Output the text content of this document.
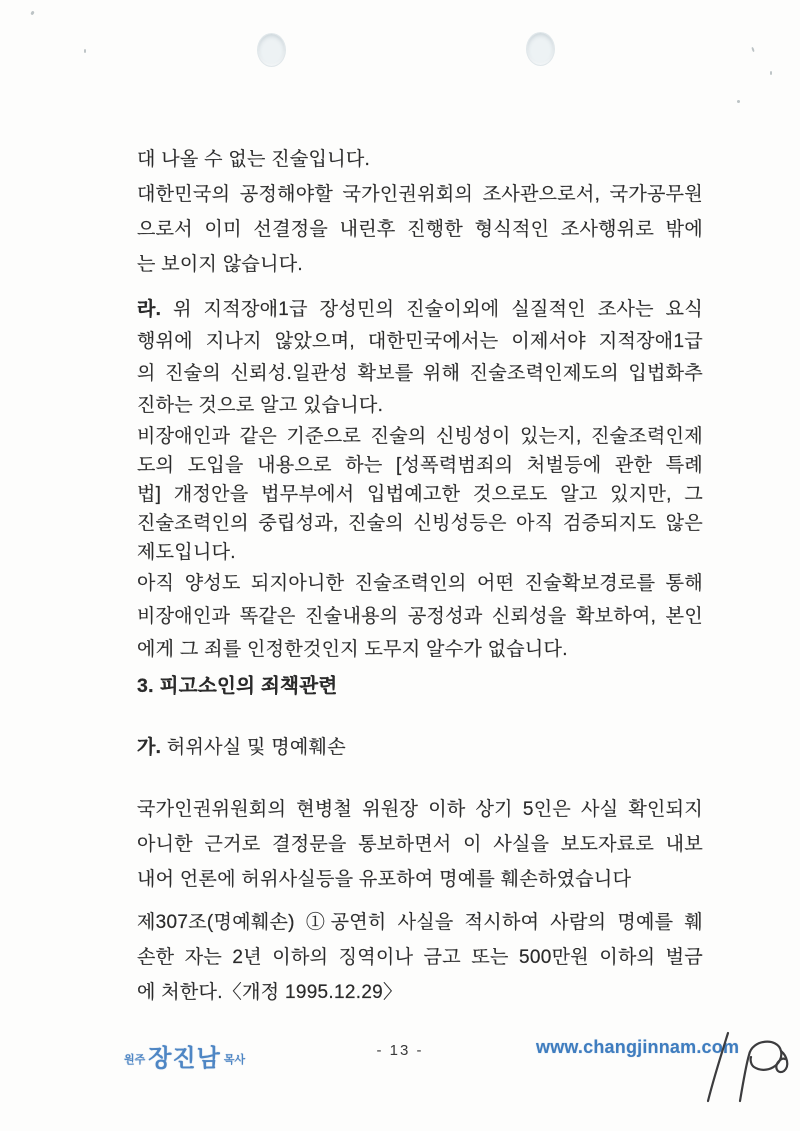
대 나올 수 없는 진술입니다.
대한민국의 공정해야할 국가인권위회의 조사관으로서, 국가공무원
으로서 이미 선결정을 내린후 진행한 형식적인 조사행위로 밖에
는 보이지 않습니다.
라. 위 지적장애1급 장성민의 진술이외에 실질적인 조사는 요식
행위에 지나지 않았으며, 대한민국에서는 이제서야 지적장애1급
의 진술의 신뢰성.일관성 확보를 위해 진술조력인제도의 입법화추
진하는 것으로 알고 있습니다.
비장애인과 같은 기준으로 진술의 신빙성이 있는지, 진술조력인제
도의 도입을 내용으로 하는 [성폭력범죄의 처벌등에 관한 특례
법] 개정안을 법무부에서 입법예고한 것으로도 알고 있지만, 그
진술조력인의 중립성과, 진술의 신빙성등은 아직 검증되지도 않은
제도입니다.
아직 양성도 되지아니한 진술조력인의 어떤 진술확보경로를 통해
비장애인과 똑같은 진술내용의 공정성과 신뢰성을 확보하여, 본인
에게 그 죄를 인정한것인지 도무지 알수가 없습니다.
3. 피고소인의 죄책관련
가. 허위사실 및 명예훼손
국가인권위원회의 현병철 위원장 이하 상기 5인은 사실 확인되지
아니한 근거로 결정문을 통보하면서 이 사실을 보도자료로 내보
내어 언론에 허위사실등을 유포하여 명예를 훼손하였습니다
제307조(명예훼손) ①공연히 사실을 적시하여 사람의 명예를 훼
손한 자는 2년 이하의 징역이나 금고 또는 500만원 이하의 벌금
에 처한다.〈개정 1995.12.29〉
원주 장진남 목사
- 13 -	www.changjinnam.com
